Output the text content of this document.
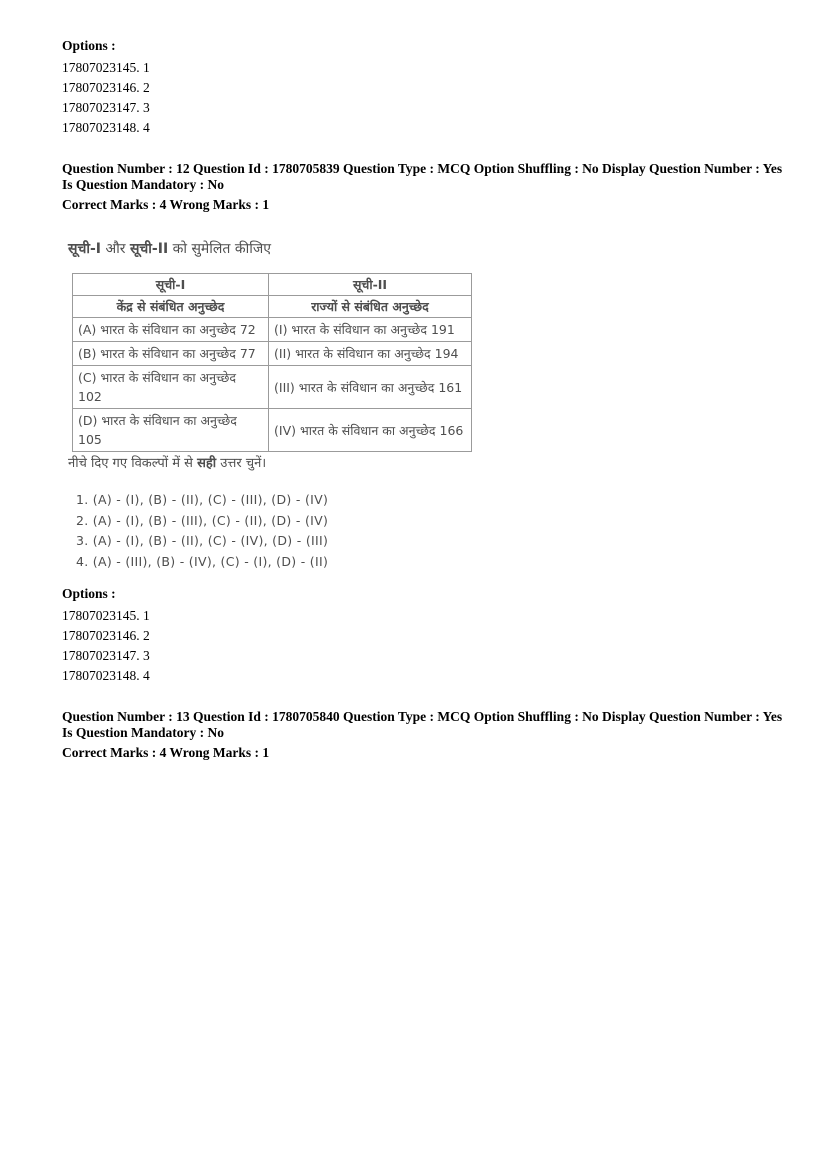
Options :

17807023145. 1

17807023146. 2

17807023147. 3

17807023148. 4

Question Number : 12 Question Id : 1780705839 Question Type : MCQ Option Shuffling : No Display Question Number : Yes

Is Question Mandatory : No

Correct Marks : 4 Wrong Marks : 1

सूची-I और सूची-II को सुमेलित कीजिए

सूची-I	सूची-II
केंद्र से संबंधित अनुच्छेद	राज्यों से संबंधित अनुच्छेद
(A) भारत के संविधान का अनुच्छेद 72	(I) भारत के संविधान का अनुच्छेद 191
(B) भारत के संविधान का अनुच्छेद 77	(II) भारत के संविधान का अनुच्छेद 194
(C) भारत के संविधान का अनुच्छेद 102	(III) भारत के संविधान का अनुच्छेद 161
(D) भारत के संविधान का अनुच्छेद 105	(IV) भारत के संविधान का अनुच्छेद 166

नीचे दिए गए विकल्पों में से सही उत्तर चुनें।

1. (A) - (I), (B) - (II), (C) - (III), (D) - (IV)

2. (A) - (I), (B) - (III), (C) - (II), (D) - (IV)

3. (A) - (I), (B) - (II), (C) - (IV), (D) - (III)

4. (A) - (III), (B) - (IV), (C) - (I), (D) - (II)

Options :

17807023145. 1

17807023146. 2

17807023147. 3

17807023148. 4

Question Number : 13 Question Id : 1780705840 Question Type : MCQ Option Shuffling : No Display Question Number : Yes

Is Question Mandatory : No

Correct Marks : 4 Wrong Marks : 1
